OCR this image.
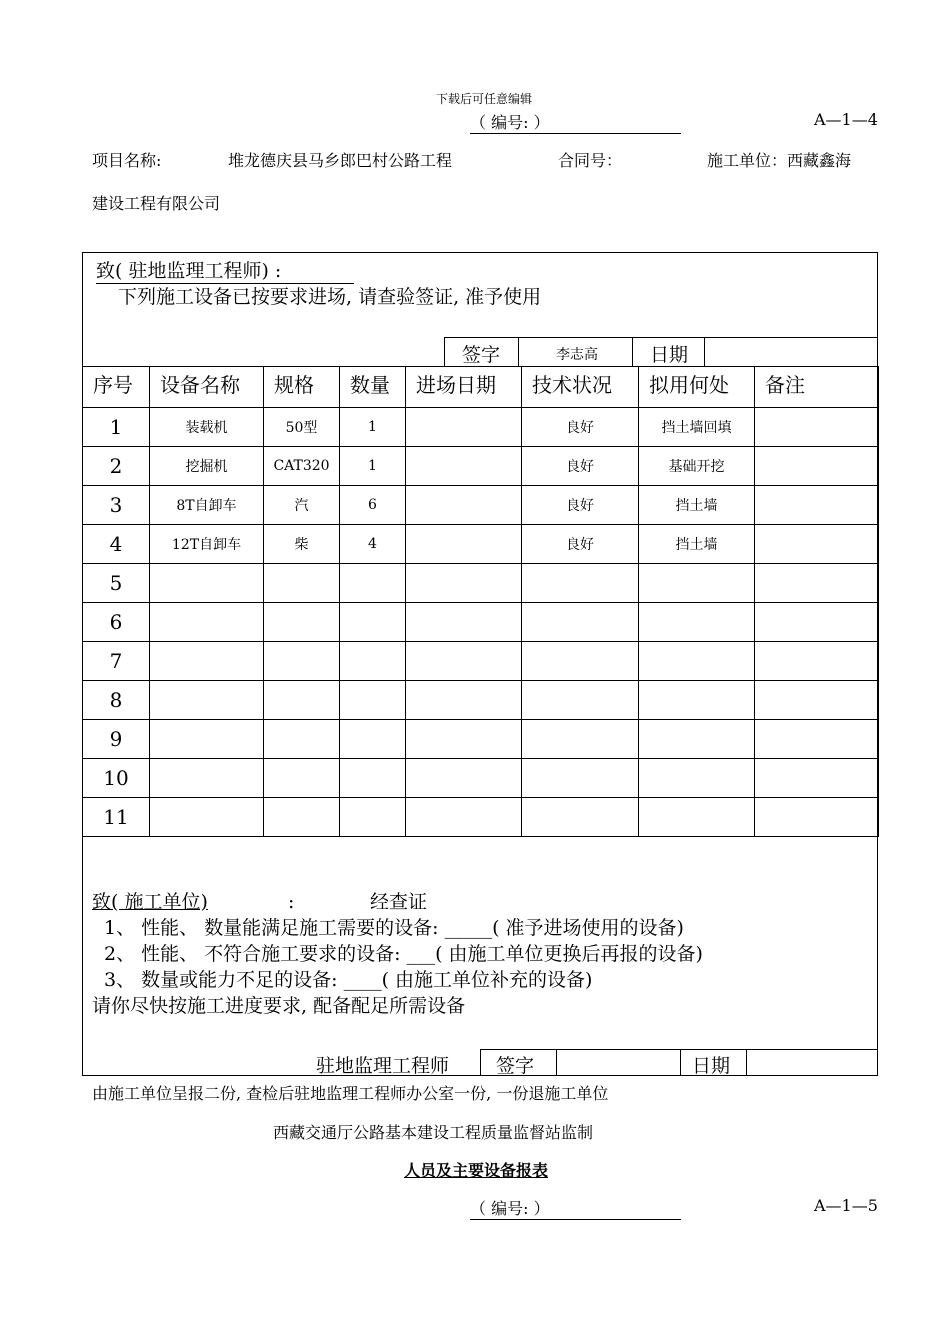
下载后可任意编辑
（ 编号: ）	A—1—4
项目名称:	堆龙德庆县马乡郎巴村公路工程	合同号：	施工单位：西藏鑫海
建设工程有限公司
致( 驻地监理工程师) :
下列施工设备已按要求进场, 请查验签证, 准予使用
签字	李志高	日期
序号	设备名称	规格	数量	进场日期	技术状况	拟用何处	备注
1	装载机	50型	1		良好	挡土墙回填	
2	挖掘机	CAT320	1		良好	基础开挖	
3	8T自卸车	汽	6		良好	挡土墙	
4	12T自卸车	柴	4		良好	挡土墙	
5							
6							
7							
8							
9							
10							
11							
致( 施工单位)	:	经查证
1、 性能、 数量能满足施工需要的设备: _____( 准予进场使用的设备)
2、 性能、 不符合施工要求的设备: ___( 由施工单位更换后再报的设备)
3、 数量或能力不足的设备: ____( 由施工单位补充的设备)
请你尽快按施工进度要求, 配备配足所需设备
驻地监理工程师 签字	日期
由施工单位呈报二份, 查检后驻地监理工程师办公室一份, 一份退施工单位
西藏交通厅公路基本建设工程质量监督站监制
人员及主要设备报表
（ 编号: ）	A—1—5
